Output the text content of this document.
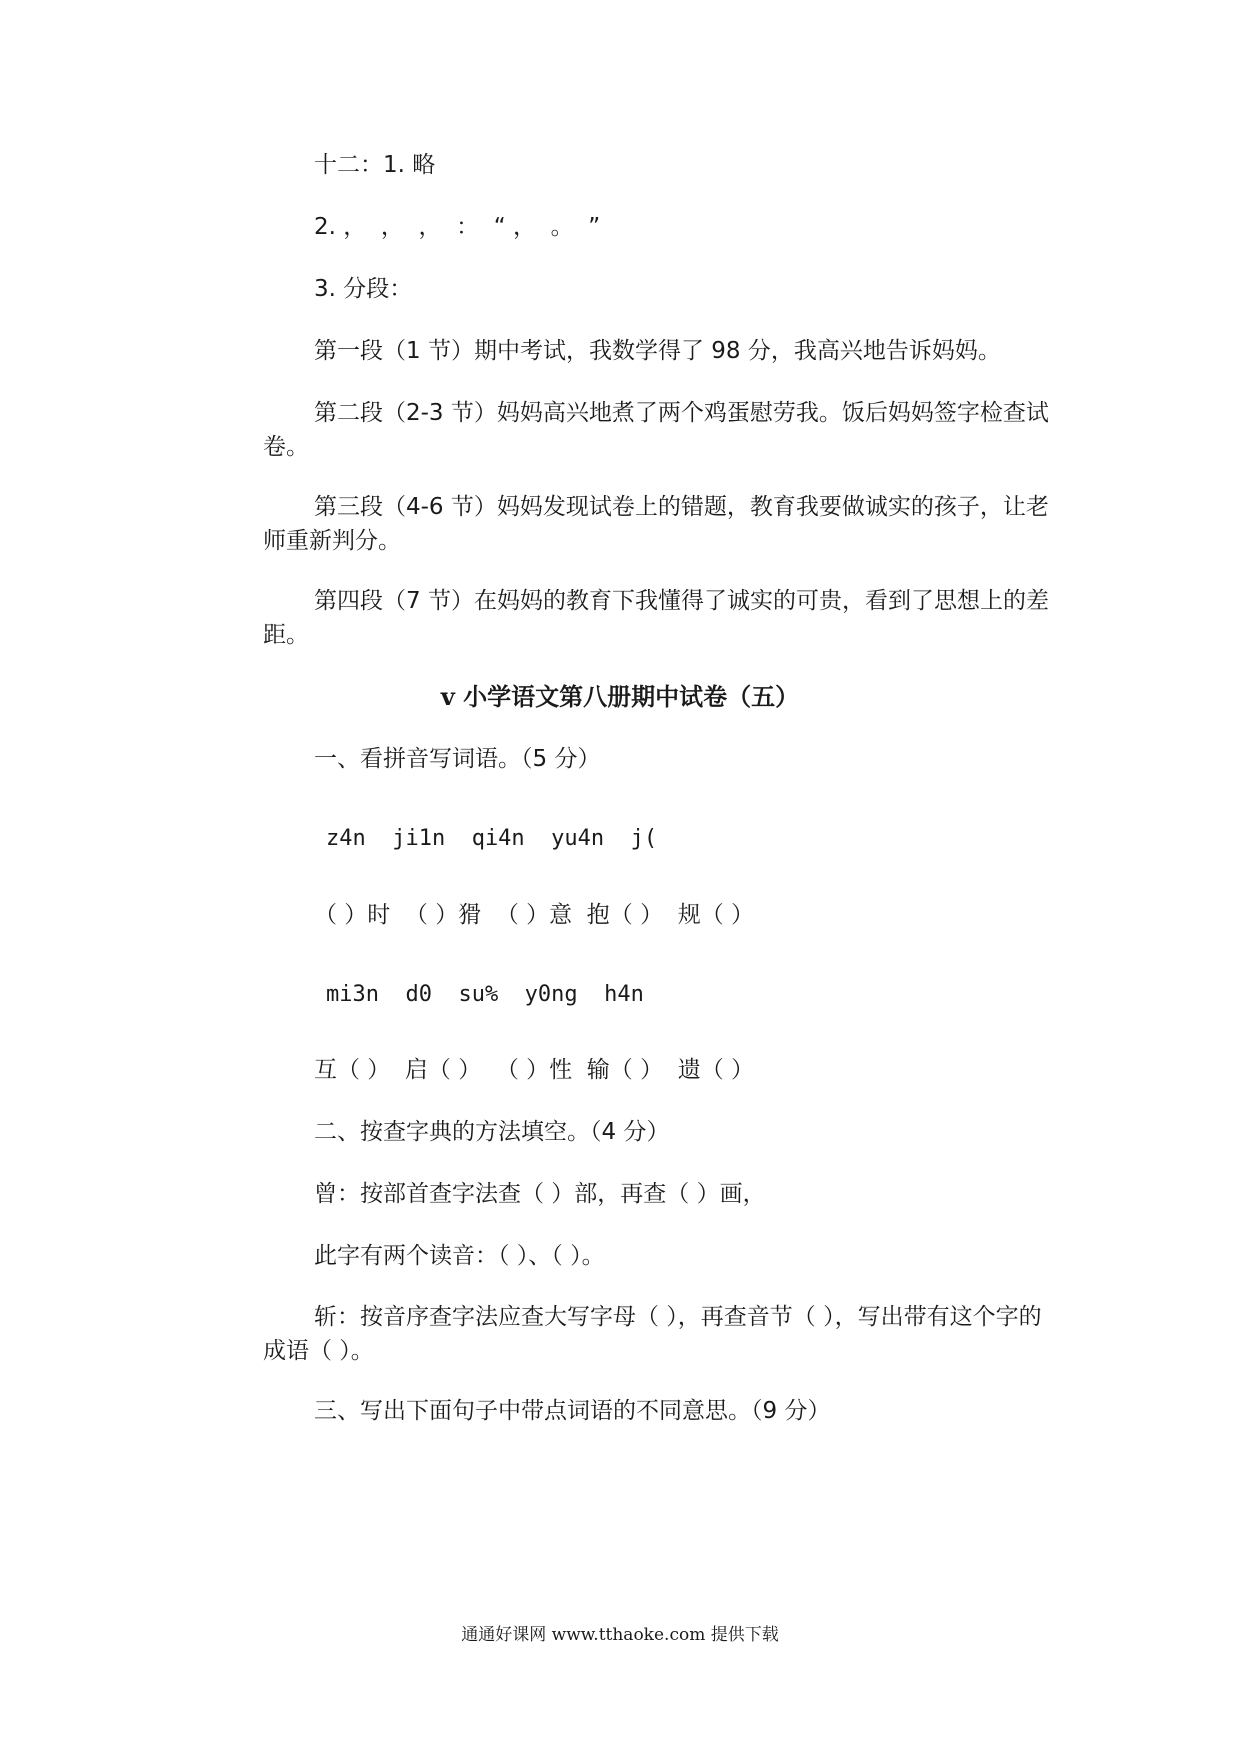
十二：1. 略

2. ，  ，  ，  ：  “ ，  。  ”

3. 分段：

第一段（1 节）期中考试，我数学得了 98 分，我高兴地告诉妈妈。

第二段（2-3 节）妈妈高兴地煮了两个鸡蛋慰劳我。饭后妈妈签字检查试卷。

第三段（4-6 节）妈妈发现试卷上的错题，教育我要做诚实的孩子，让老师重新判分。

第四段（7 节）在妈妈的教育下我懂得了诚实的可贵，看到了思想上的差距。

v 小学语文第八册期中试卷（五）

一、看拼音写词语。（5 分）

z4n  ji1n  qi4n  yu4n  j(

（ ）时  （ ）猾  （ ）意  抱（ ）  规（ ）

mi3n  d0  su%  y0ng  h4n

互（ ）  启（ ）  （ ）性  输（ ）  遗（ ）

二、按查字典的方法填空。（4 分）

曾：按部首查字法查（ ）部，再查（ ）画，

此字有两个读音：（ ）、（ ）。

斩：按音序查字法应查大写字母（ ），再查音节（ ），写出带有这个字的成语（ ）。

三、写出下面句子中带点词语的不同意思。（9 分）

通通好课网 www.tthaoke.com 提供下载
